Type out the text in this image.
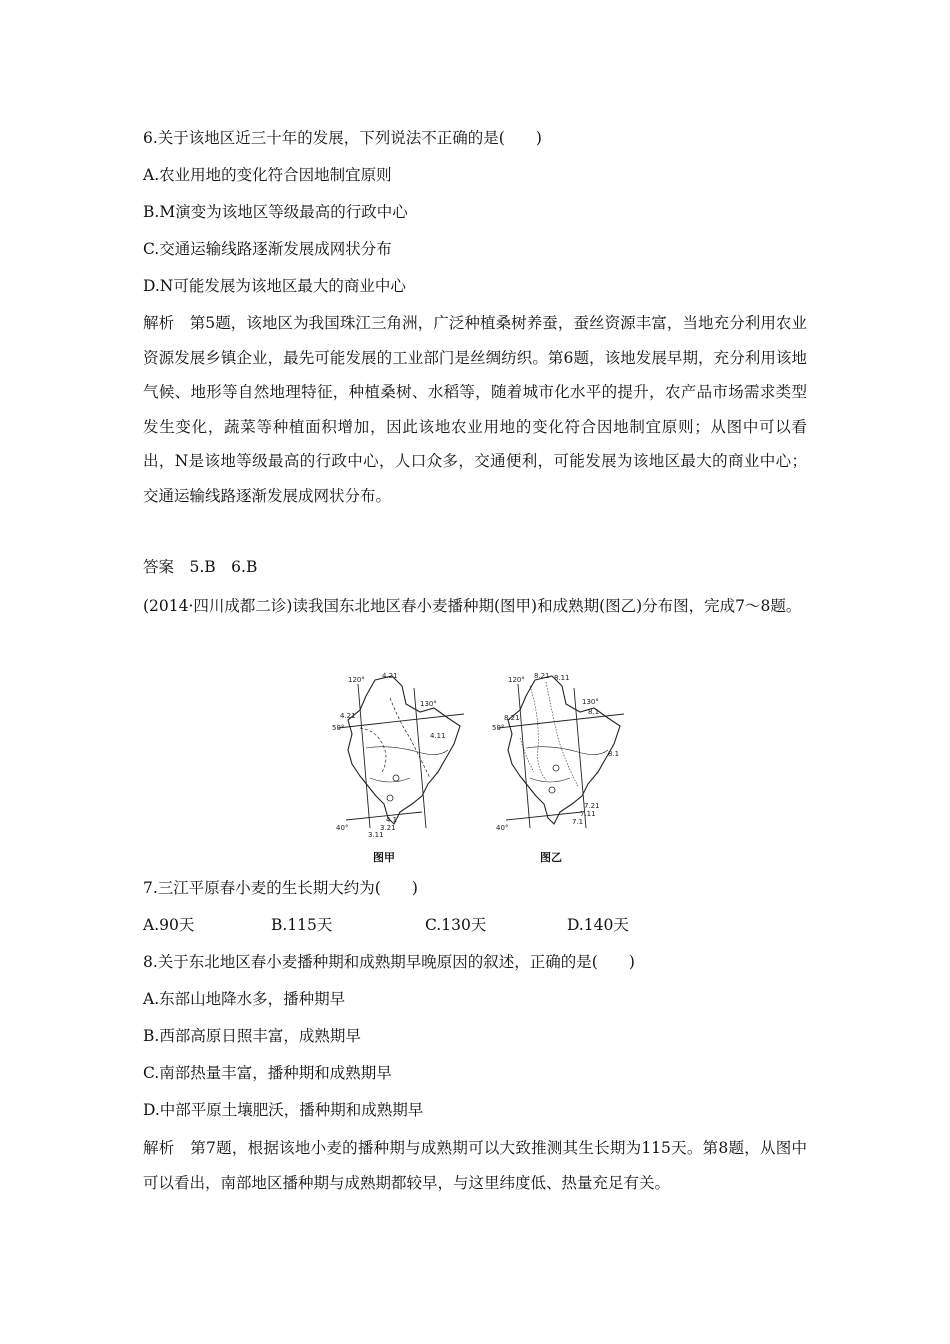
6.关于该地区近三十年的发展，下列说法不正确的是(　　)
A.农业用地的变化符合因地制宜原则
B.M演变为该地区等级最高的行政中心
C.交通运输线路逐渐发展成网状分布
D.N可能发展为该地区最大的商业中心
解析　第5题，该地区为我国珠江三角洲，广泛种植桑树养蚕，蚕丝资源丰富，当地充分利用农业资源发展乡镇企业，最先可能发展的工业部门是丝绸纺织。第6题，该地发展早期，充分利用该地气候、地形等自然地理特征，种植桑树、水稻等，随着城市化水平的提升，农产品市场需求类型发生变化，蔬菜等种植面积增加，因此该地农业用地的变化符合因地制宜原则；从图中可以看出，N是该地等级最高的行政中心，人口众多，交通便利，可能发展为该地区最大的商业中心；交通运输线路逐渐发展成网状分布。
答案　5.B　6.B
(2014·四川成都二诊)读我国东北地区春小麦播种期(图甲)和成熟期(图乙)分布图，完成7～8题。
120° 4.21
130°
4.21
50°
4.11
4.1
3.21
3.11
40°
120° 8.21 8.11
130°
8.21
8.1
50°
8.1
7.21
7.11
7.1
40°
图甲	图乙
7.三江平原春小麦的生长期大约为(　　)
A.90天	B.115天	C.130天	D.140天
8.关于东北地区春小麦播种期和成熟期早晚原因的叙述，正确的是(　　)
A.东部山地降水多，播种期早
B.西部高原日照丰富，成熟期早
C.南部热量丰富，播种期和成熟期早
D.中部平原土壤肥沃，播种期和成熟期早
解析　第7题，根据该地小麦的播种期与成熟期可以大致推测其生长期为115天。第8题，从图中可以看出，南部地区播种期与成熟期都较早，与这里纬度低、热量充足有关。
